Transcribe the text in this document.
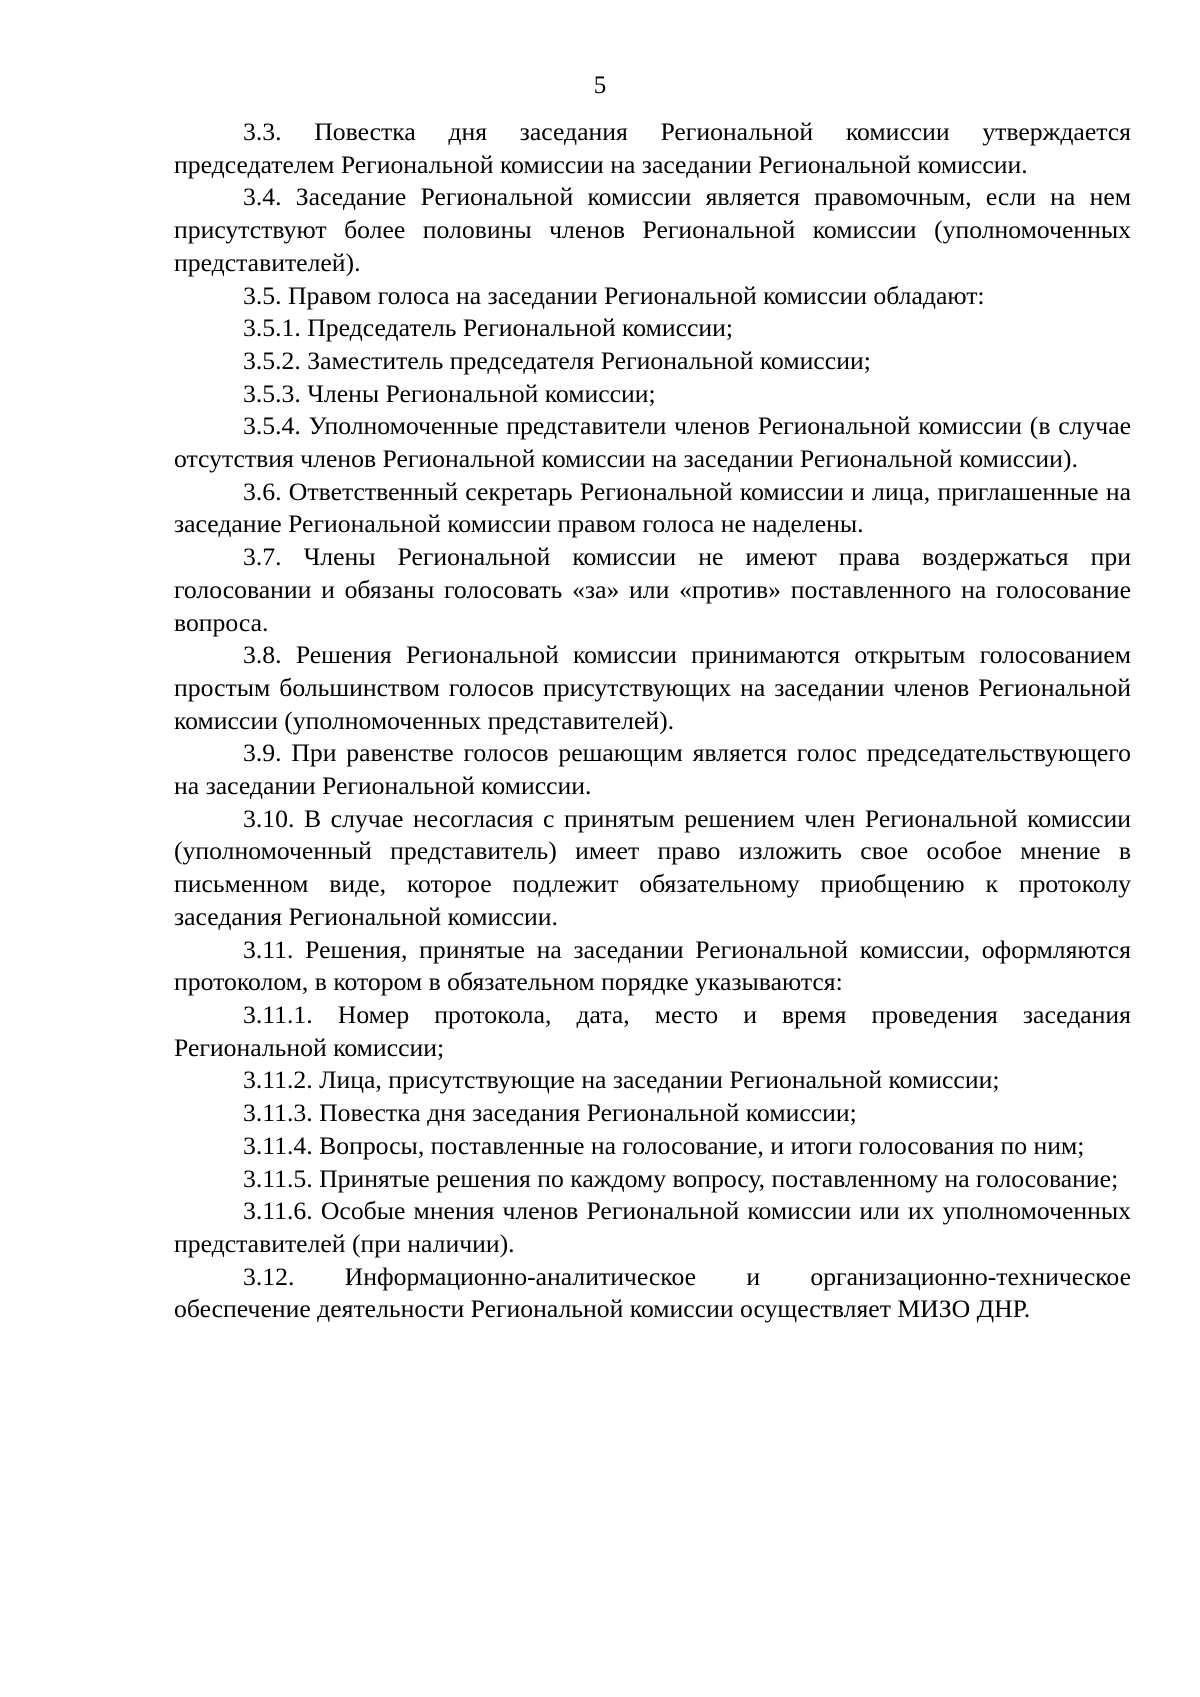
5

3.3. Повестка дня заседания Региональной комиссии утверждается председателем Региональной комиссии на заседании Региональной комиссии.

3.4. Заседание Региональной комиссии является правомочным, если на нем присутствуют более половины членов Региональной комиссии (уполномоченных представителей).

3.5. Правом голоса на заседании Региональной комиссии обладают:

3.5.1. Председатель Региональной комиссии;

3.5.2. Заместитель председателя Региональной комиссии;

3.5.3. Члены Региональной комиссии;

3.5.4. Уполномоченные представители членов Региональной комиссии (в случае отсутствия членов Региональной комиссии на заседании Региональной комиссии).

3.6. Ответственный секретарь Региональной комиссии и лица, приглашенные на заседание Региональной комиссии правом голоса не наделены.

3.7. Члены Региональной комиссии не имеют права воздержаться при голосовании и обязаны голосовать «за» или «против» поставленного на голосование вопроса.

3.8. Решения Региональной комиссии принимаются открытым голосованием простым большинством голосов присутствующих на заседании членов Региональной комиссии (уполномоченных представителей).

3.9. При равенстве голосов решающим является голос председательствующего на заседании Региональной комиссии.

3.10. В случае несогласия с принятым решением член Региональной комиссии (уполномоченный представитель) имеет право изложить свое особое мнение в письменном виде, которое подлежит обязательному приобщению к протоколу заседания Региональной комиссии.

3.11. Решения, принятые на заседании Региональной комиссии, оформляются протоколом, в котором в обязательном порядке указываются:

3.11.1. Номер протокола, дата, место и время проведения заседания Региональной комиссии;

3.11.2. Лица, присутствующие на заседании Региональной комиссии;

3.11.3. Повестка дня заседания Региональной комиссии;

3.11.4. Вопросы, поставленные на голосование, и итоги голосования по ним;

3.11.5. Принятые решения по каждому вопросу, поставленному на голосование;

3.11.6. Особые мнения членов Региональной комиссии или их уполномоченных представителей (при наличии).

3.12. Информационно-аналитическое и организационно-техническое обеспечение деятельности Региональной комиссии осуществляет МИЗО ДНР.
